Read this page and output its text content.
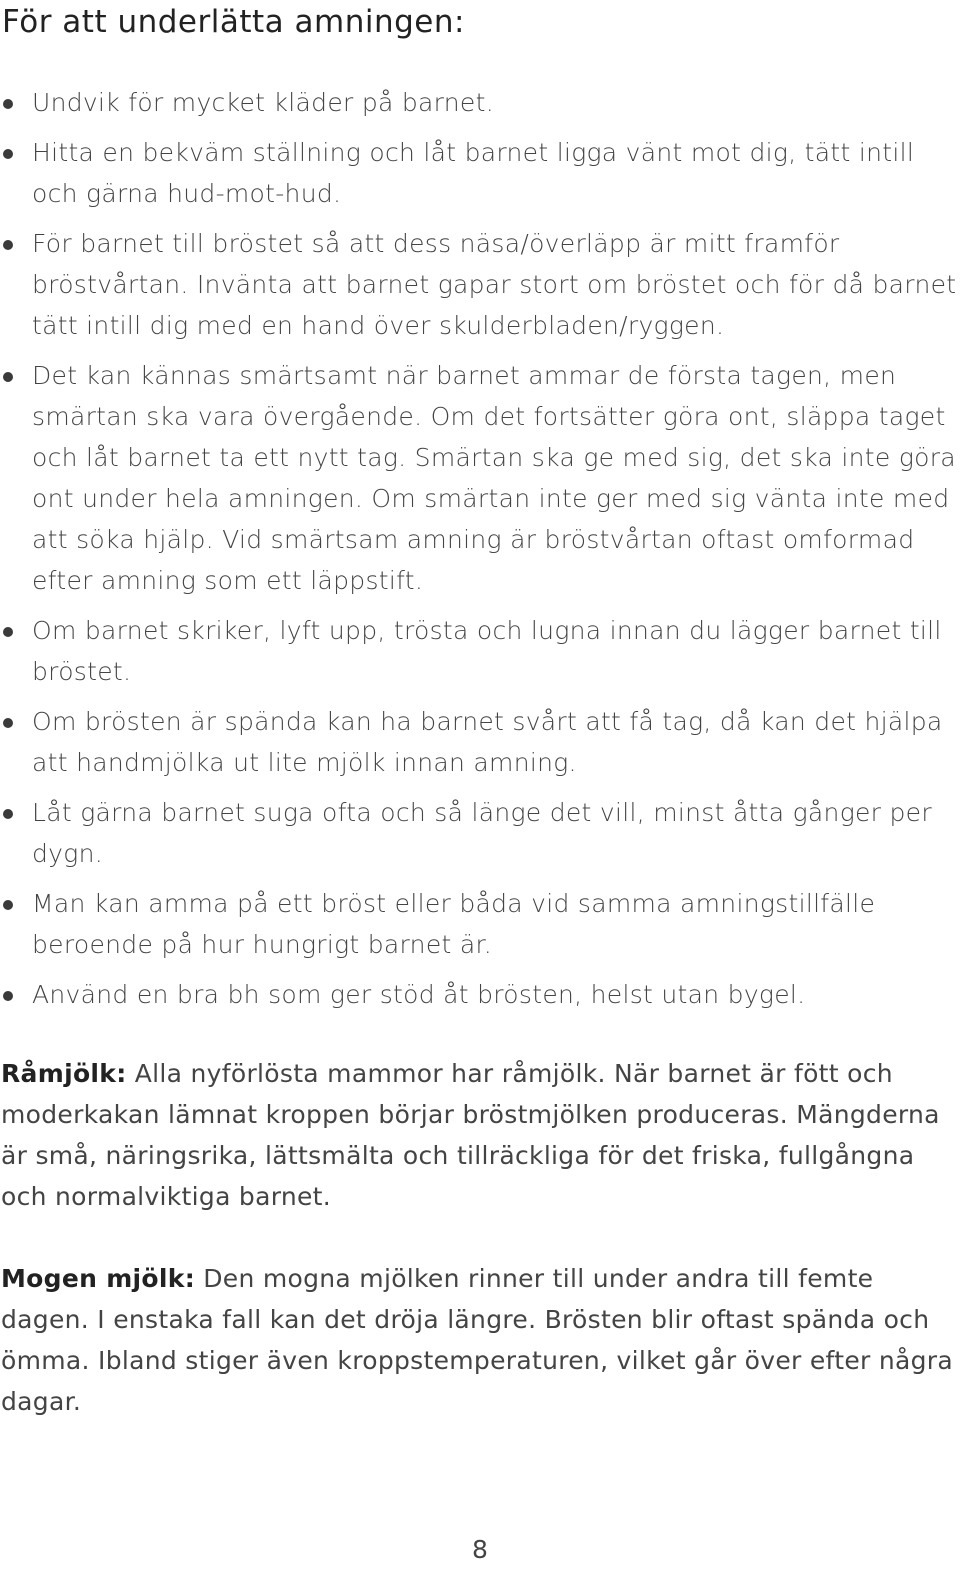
För att underlätta amningen:
Undvik för mycket kläder på barnet.
Hitta en bekväm ställning och låt barnet ligga vänt mot dig, tätt intill och gärna hud-mot-hud.
För barnet till bröstet så att dess näsa/överläpp är mitt framför bröstvårtan. Invänta att barnet gapar stort om bröstet och för då barnet tätt intill dig med en hand över skulderbladen/ryggen.
Det kan kännas smärtsamt när barnet ammar de första tagen, men smärtan ska vara övergående. Om det fortsätter göra ont, släppa taget och låt barnet ta ett nytt tag. Smärtan ska ge med sig, det ska inte göra ont under hela amningen. Om smärtan inte ger med sig vänta inte med att söka hjälp. Vid smärtsam amning är bröstvårtan oftast omformad efter amning som ett läppstift.
Om barnet skriker, lyft upp, trösta och lugna innan du lägger barnet till bröstet.
Om brösten är spända kan ha barnet svårt att få tag, då kan det hjälpa att handmjölka ut lite mjölk innan amning.
Låt gärna barnet suga ofta och så länge det vill, minst åtta gånger per dygn.
Man kan amma på ett bröst eller båda vid samma amningstillfälle beroende på hur hungrigt barnet är.
Använd en bra bh som ger stöd åt brösten, helst utan bygel.

Råmjölk: Alla nyförlösta mammor har råmjölk. När barnet är fött och moderkakan lämnat kroppen börjar bröstmjölken produceras. Mängderna är små, näringsrika, lättsmälta och tillräckliga för det friska, fullgångna och normalviktiga barnet.

Mogen mjölk: Den mogna mjölken rinner till under andra till femte dagen. I enstaka fall kan det dröja längre. Brösten blir oftast spända och ömma. Ibland stiger även kroppstemperaturen, vilket går över efter några dagar.

8
